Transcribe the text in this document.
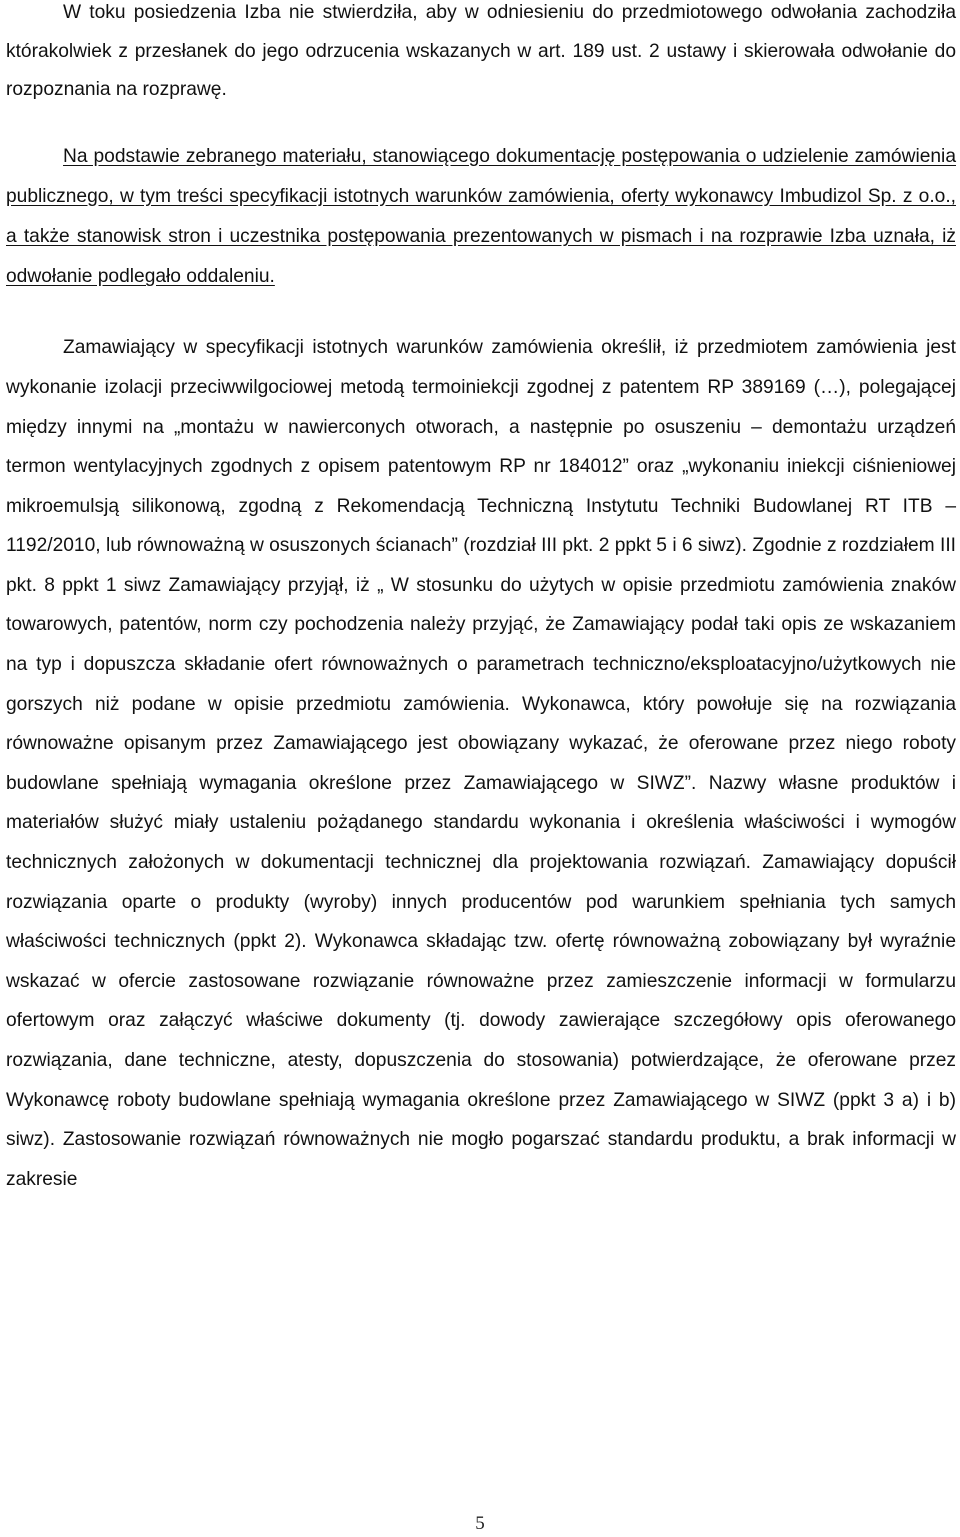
W toku posiedzenia Izba nie stwierdziła, aby w odniesieniu do przedmiotowego odwołania zachodziła którakolwiek z przesłanek do jego odrzucenia wskazanych w art. 189 ust. 2 ustawy i skierowała odwołanie do rozpoznania na rozprawę.

Na podstawie zebranego materiału, stanowiącego dokumentację postępowania o udzielenie zamówienia publicznego, w tym treści specyfikacji istotnych warunków zamówienia, oferty wykonawcy Imbudizol Sp. z o.o., a także stanowisk stron i uczestnika postępowania prezentowanych w pismach i na rozprawie Izba uznała, iż odwołanie podlegało oddaleniu.

Zamawiający w specyfikacji istotnych warunków zamówienia określił, iż przedmiotem zamówienia jest wykonanie izolacji przeciwwilgociowej metodą termoiniekcji zgodnej z patentem RP 389169 (…), polegającej między innymi na „montażu w nawierconych otworach, a następnie po osuszeniu – demontażu urządzeń termon wentylacyjnych zgodnych z opisem patentowym RP nr 184012” oraz „wykonaniu iniekcji ciśnieniowej mikroemulsją silikonową, zgodną z Rekomendacją Techniczną Instytutu Techniki Budowlanej RT ITB – 1192/2010, lub równoważną w osuszonych ścianach” (rozdział III pkt. 2 ppkt 5 i 6 siwz). Zgodnie z rozdziałem III pkt. 8 ppkt 1 siwz Zamawiający przyjął, iż „ W stosunku do użytych w opisie przedmiotu zamówienia znaków towarowych, patentów, norm czy pochodzenia należy przyjąć, że Zamawiający podał taki opis ze wskazaniem na typ i dopuszcza składanie ofert równoważnych o parametrach techniczno/eksploatacyjno/użytkowych nie gorszych niż podane w opisie przedmiotu zamówienia. Wykonawca, który powołuje się na rozwiązania równoważne opisanym przez Zamawiającego jest obowiązany wykazać, że oferowane przez niego roboty budowlane spełniają wymagania określone przez Zamawiającego w SIWZ”. Nazwy własne produktów i materiałów służyć miały ustaleniu pożądanego standardu wykonania i określenia właściwości i wymogów technicznych założonych w dokumentacji technicznej dla projektowania rozwiązań. Zamawiający dopuścił rozwiązania oparte o produkty (wyroby) innych producentów pod warunkiem spełniania tych samych właściwości technicznych (ppkt 2). Wykonawca składając tzw. ofertę równoważną zobowiązany był wyraźnie wskazać w ofercie zastosowane rozwiązanie równoważne przez zamieszczenie informacji w formularzu ofertowym oraz załączyć właściwe dokumenty (tj. dowody zawierające szczegółowy opis oferowanego rozwiązania, dane techniczne, atesty, dopuszczenia do stosowania) potwierdzające, że oferowane przez Wykonawcę roboty budowlane spełniają wymagania określone przez Zamawiającego w SIWZ (ppkt 3 a) i b) siwz). Zastosowanie rozwiązań równoważnych nie mogło pogarszać standardu produktu, a brak informacji w zakresie

5
